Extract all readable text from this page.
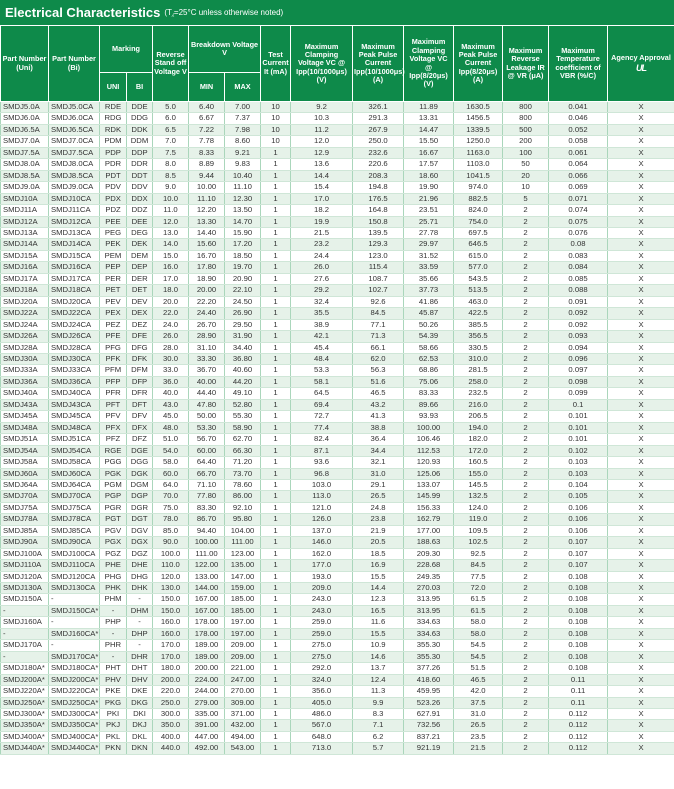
Electrical Characteristics (T⁁=25°C unless otherwise noted)
Part Number (Uni)	Part Number (Bi)	Marking		Reverse Stand off Voltage V	Breakdown Voltage V		Test Current It (mA)	Maximum Clamping Voltage VC @ Ipp(10/1000μs) (V)	Maximum Peak Pulse Current Ipp(10/1000μs) (A)	Maximum Clamping Voltage VC @ Ipp(8/20μs) (V)	Maximum Peak Pulse Current Ipp(8/20μs) (A)	Maximum Reverse Leakage IR @ VR (μA)	Maximum Temperature coefficient of VBR (%/C)	Agency Approval
UL
		UNI	BI		MIN	MAX								
SMDJ5.0A	SMDJ5.0CA	RDE	DDE	5.0	6.40	7.00	10	9.2	326.1	11.89	1630.5	800	0.041	X
SMDJ6.0A	SMDJ6.0CA	RDG	DDG	6.0	6.67	7.37	10	10.3	291.3	13.31	1456.5	800	0.046	X
SMDJ6.5A	SMDJ6.5CA	RDK	DDK	6.5	7.22	7.98	10	11.2	267.9	14.47	1339.5	500	0.052	X
SMDJ7.0A	SMDJ7.0CA	PDM	DDM	7.0	7.78	8.60	10	12.0	250.0	15.50	1250.0	200	0.058	X
SMDJ7.5A	SMDJ7.5CA	PDP	DDP	7.5	8.33	9.21	1	12.9	232.6	16.67	1163.0	100	0.061	X
SMDJ8.0A	SMDJ8.0CA	PDR	DDR	8.0	8.89	9.83	1	13.6	220.6	17.57	1103.0	50	0.064	X
SMDJ8.5A	SMDJ8.5CA	PDT	DDT	8.5	9.44	10.40	1	14.4	208.3	18.60	1041.5	20	0.066	X
SMDJ9.0A	SMDJ9.0CA	PDV	DDV	9.0	10.00	11.10	1	15.4	194.8	19.90	974.0	10	0.069	X
SMDJ10A	SMDJ10CA	PDX	DDX	10.0	11.10	12.30	1	17.0	176.5	21.96	882.5	5	0.071	X
SMDJ11A	SMDJ11CA	PDZ	DDZ	11.0	12.20	13.50	1	18.2	164.8	23.51	824.0	2	0.074	X
SMDJ12A	SMDJ12CA	PEE	DEE	12.0	13.30	14.70	1	19.9	150.8	25.71	754.0	2	0.075	X
SMDJ13A	SMDJ13CA	PEG	DEG	13.0	14.40	15.90	1	21.5	139.5	27.78	697.5	2	0.076	X
SMDJ14A	SMDJ14CA	PEK	DEK	14.0	15.60	17.20	1	23.2	129.3	29.97	646.5	2	0.08	X
SMDJ15A	SMDJ15CA	PEM	DEM	15.0	16.70	18.50	1	24.4	123.0	31.52	615.0	2	0.083	X
SMDJ16A	SMDJ16CA	PEP	DEP	16.0	17.80	19.70	1	26.0	115.4	33.59	577.0	2	0.084	X
SMDJ17A	SMDJ17CA	PER	DER	17.0	18.90	20.90	1	27.6	108.7	35.66	543.5	2	0.085	X
SMDJ18A	SMDJ18CA	PET	DET	18.0	20.00	22.10	1	29.2	102.7	37.73	513.5	2	0.088	X
SMDJ20A	SMDJ20CA	PEV	DEV	20.0	22.20	24.50	1	32.4	92.6	41.86	463.0	2	0.091	X
SMDJ22A	SMDJ22CA	PEX	DEX	22.0	24.40	26.90	1	35.5	84.5	45.87	422.5	2	0.092	X
SMDJ24A	SMDJ24CA	PEZ	DEZ	24.0	26.70	29.50	1	38.9	77.1	50.26	385.5	2	0.092	X
SMDJ26A	SMDJ26CA	PFE	DFE	26.0	28.90	31.90	1	42.1	71.3	54.39	356.5	2	0.093	X
SMDJ28A	SMDJ28CA	PFG	DFG	28.0	31.10	34.40	1	45.4	66.1	58.66	330.5	2	0.094	X
SMDJ30A	SMDJ30CA	PFK	DFK	30.0	33.30	36.80	1	48.4	62.0	62.53	310.0	2	0.096	X
SMDJ33A	SMDJ33CA	PFM	DFM	33.0	36.70	40.60	1	53.3	56.3	68.86	281.5	2	0.097	X
SMDJ36A	SMDJ36CA	PFP	DFP	36.0	40.00	44.20	1	58.1	51.6	75.06	258.0	2	0.098	X
SMDJ40A	SMDJ40CA	PFR	DFR	40.0	44.40	49.10	1	64.5	46.5	83.33	232.5	2	0.099	X
SMDJ43A	SMDJ43CA	PFT	DFT	43.0	47.80	52.80	1	69.4	43.2	89.66	216.0	2	0.1	X
SMDJ45A	SMDJ45CA	PFV	DFV	45.0	50.00	55.30	1	72.7	41.3	93.93	206.5	2	0.101	X
SMDJ48A	SMDJ48CA	PFX	DFX	48.0	53.30	58.90	1	77.4	38.8	100.00	194.0	2	0.101	X
SMDJ51A	SMDJ51CA	PFZ	DFZ	51.0	56.70	62.70	1	82.4	36.4	106.46	182.0	2	0.101	X
SMDJ54A	SMDJ54CA	RGE	DGE	54.0	60.00	66.30	1	87.1	34.4	112.53	172.0	2	0.102	X
SMDJ58A	SMDJ58CA	PGG	DGG	58.0	64.40	71.20	1	93.6	32.1	120.93	160.5	2	0.103	X
SMDJ60A	SMDJ60CA	PGK	DGK	60.0	66.70	73.70	1	96.8	31.0	125.06	155.0	2	0.103	X
SMDJ64A	SMDJ64CA	PGM	DGM	64.0	71.10	78.60	1	103.0	29.1	133.07	145.5	2	0.104	X
SMDJ70A	SMDJ70CA	PGP	DGP	70.0	77.80	86.00	1	113.0	26.5	145.99	132.5	2	0.105	X
SMDJ75A	SMDJ75CA	PGR	DGR	75.0	83.30	92.10	1	121.0	24.8	156.33	124.0	2	0.106	X
SMDJ78A	SMDJ78CA	PGT	DGT	78.0	86.70	95.80	1	126.0	23.8	162.79	119.0	2	0.106	X
SMDJ85A	SMDJ85CA	PGV	DGV	85.0	94.40	104.00	1	137.0	21.9	177.00	109.5	2	0.106	X
SMDJ90A	SMDJ90CA	PGX	DGX	90.0	100.00	111.00	1	146.0	20.5	188.63	102.5	2	0.107	X
SMDJ100A	SMDJ100CA	PGZ	DGZ	100.0	111.00	123.00	1	162.0	18.5	209.30	92.5	2	0.107	X
SMDJ110A	SMDJ110CA	PHE	DHE	110.0	122.00	135.00	1	177.0	16.9	228.68	84.5	2	0.107	X
SMDJ120A	SMDJ120CA	PHG	DHG	120.0	133.00	147.00	1	193.0	15.5	249.35	77.5	2	0.108	X
SMDJ130A	SMDJ130CA	PHK	DHK	130.0	144.00	159.00	1	209.0	14.4	270.03	72.0	2	0.108	X
SMDJ150A	-	PHM	-	150.0	167.00	185.00	1	243.0	12.3	313.95	61.5	2	0.108	X
-	SMDJ150CA*	-	DHM	150.0	167.00	185.00	1	243.0	16.5	313.95	61.5	2	0.108	X
SMDJ160A	-	PHP	-	160.0	178.00	197.00	1	259.0	11.6	334.63	58.0	2	0.108	X
-	SMDJ160CA*	-	DHP	160.0	178.00	197.00	1	259.0	15.5	334.63	58.0	2	0.108	X
SMDJ170A	-	PHR	-	170.0	189.00	209.00	1	275.0	10.9	355.30	54.5	2	0.108	X
-	SMDJ170CA*	-	DHR	170.0	189.00	209.00	1	275.0	14.6	355.30	54.5	2	0.108	X
SMDJ180A*	SMDJ180CA*	PHT	DHT	180.0	200.00	221.00	1	292.0	13.7	377.26	51.5	2	0.108	X
SMDJ200A*	SMDJ200CA*	PHV	DHV	200.0	224.00	247.00	1	324.0	12.4	418.60	46.5	2	0.11	X
SMDJ220A*	SMDJ220CA*	PKE	DKE	220.0	244.00	270.00	1	356.0	11.3	459.95	42.0	2	0.11	X
SMDJ250A*	SMDJ250CA*	PKG	DKG	250.0	279.00	309.00	1	405.0	9.9	523.26	37.5	2	0.11	X
SMDJ300A*	SMDJ300CA*	PKI	DKI	300.0	335.00	371.00	1	486.0	8.3	627.91	31.0	2	0.112	X
SMDJ350A*	SMDJ350CA*	PKJ	DKJ	350.0	391.00	432.00	1	567.0	7.1	732.56	26.5	2	0.112	X
SMDJ400A*	SMDJ400CA*	PKL	DKL	400.0	447.00	494.00	1	648.0	6.2	837.21	23.5	2	0.112	X
SMDJ440A*	SMDJ440CA*	PKN	DKN	440.0	492.00	543.00	1	713.0	5.7	921.19	21.5	2	0.112	X
